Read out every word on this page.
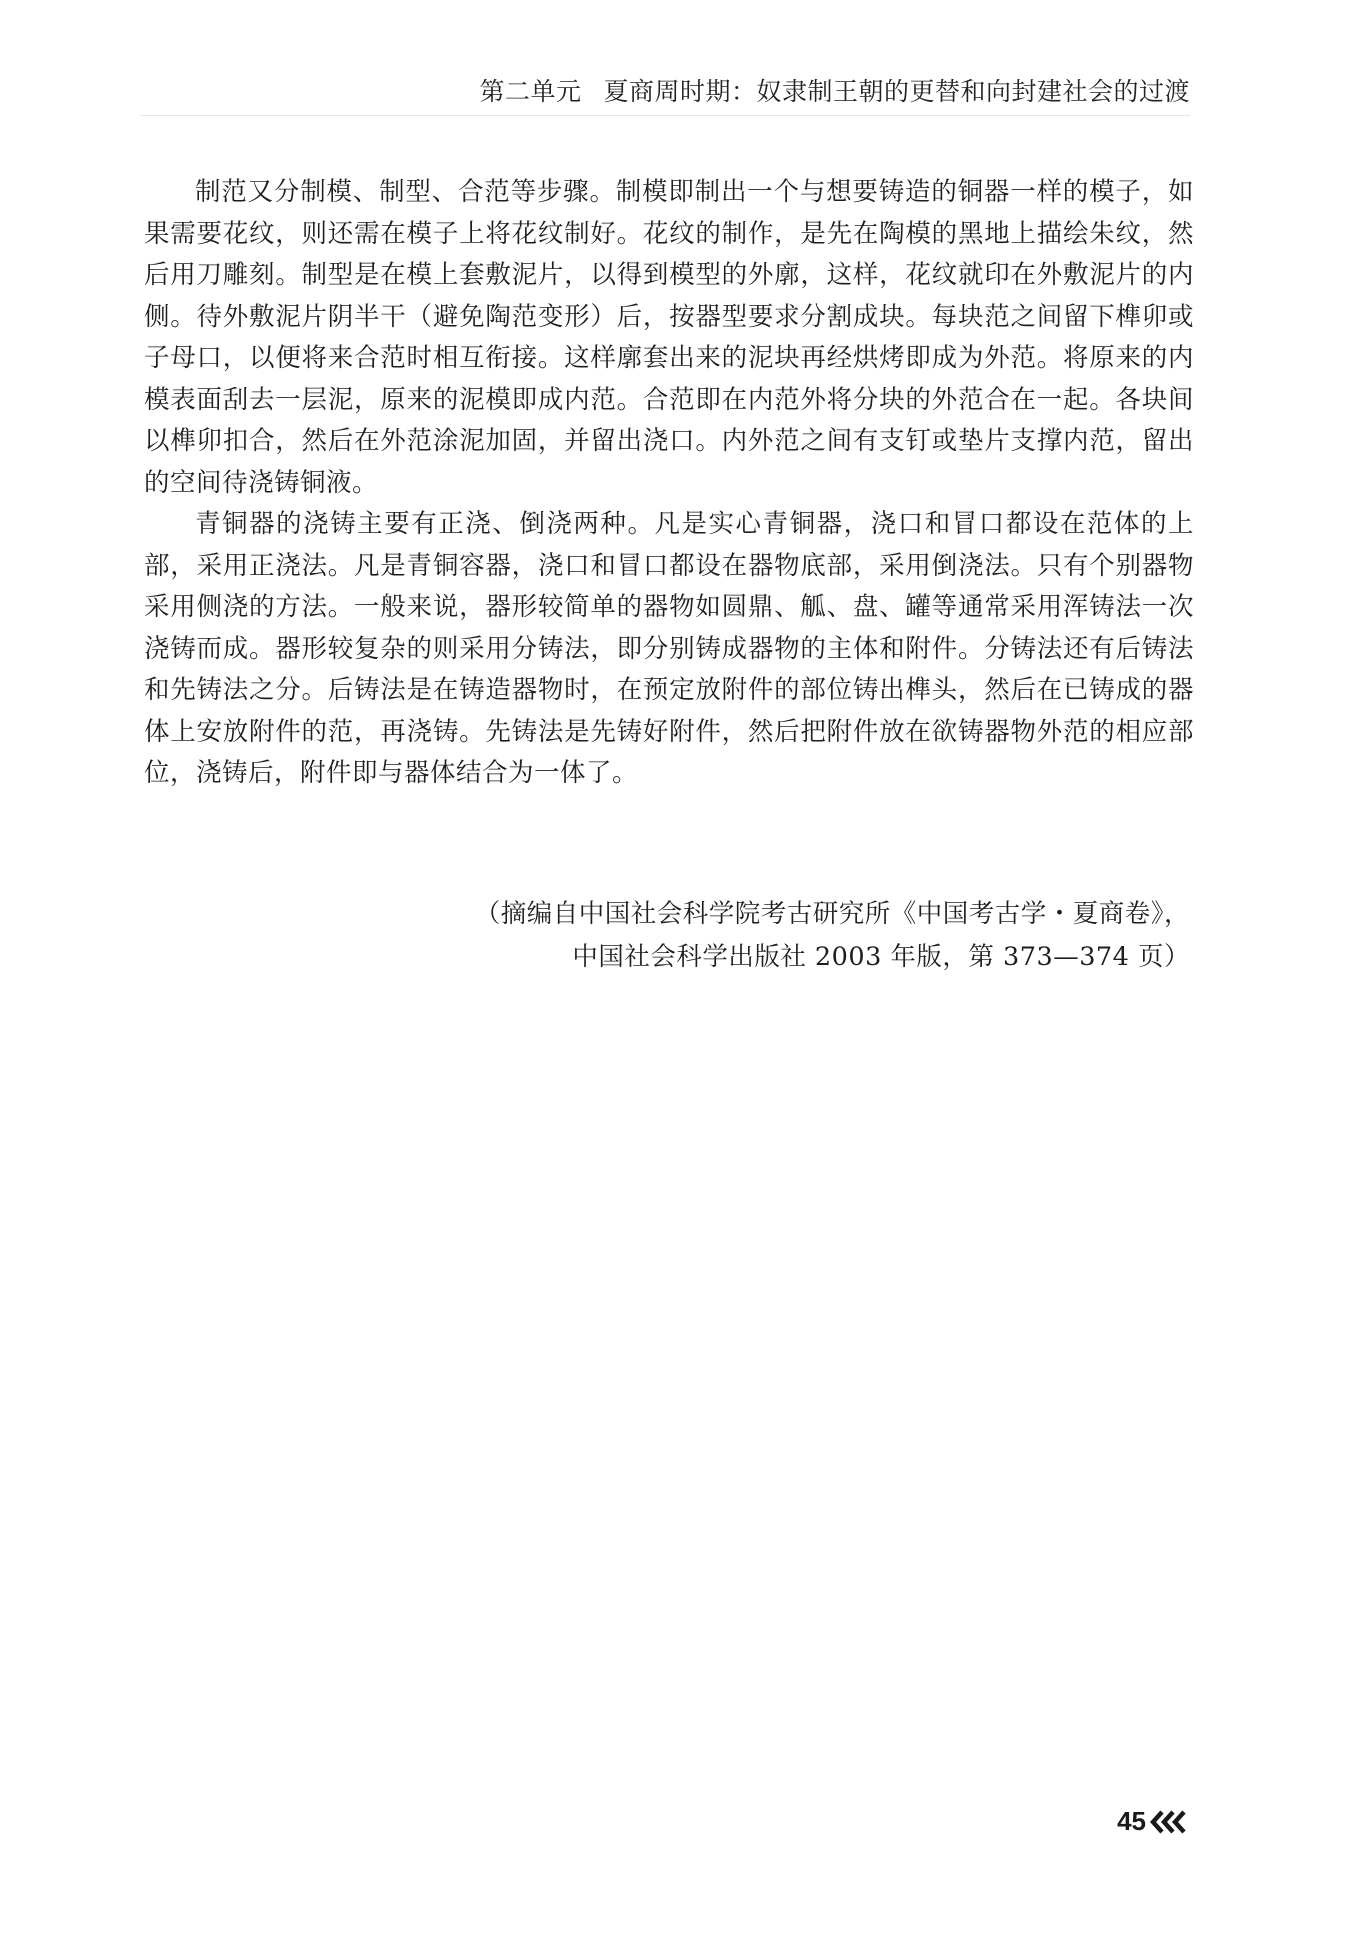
第二单元 夏商周时期：奴隶制王朝的更替和向封建社会的过渡

制范又分制模、制型、合范等步骤。制模即制出一个与想要铸造的铜器一样的模子，如果需要花纹，则还需在模子上将花纹制好。花纹的制作，是先在陶模的黑地上描绘朱纹，然后用刀雕刻。制型是在模上套敷泥片，以得到模型的外廓，这样，花纹就印在外敷泥片的内侧。待外敷泥片阴半干（避免陶范变形）后，按器型要求分割成块。每块范之间留下榫卯或子母口，以便将来合范时相互衔接。这样廓套出来的泥块再经烘烤即成为外范。将原来的内模表面刮去一层泥，原来的泥模即成内范。合范即在内范外将分块的外范合在一起。各块间以榫卯扣合，然后在外范涂泥加固，并留出浇口。内外范之间有支钉或垫片支撑内范，留出的空间待浇铸铜液。

青铜器的浇铸主要有正浇、倒浇两种。凡是实心青铜器，浇口和冒口都设在范体的上部，采用正浇法。凡是青铜容器，浇口和冒口都设在器物底部，采用倒浇法。只有个别器物采用侧浇的方法。一般来说，器形较简单的器物如圆鼎、觚、盘、罐等通常采用浑铸法一次浇铸而成。器形较复杂的则采用分铸法，即分别铸成器物的主体和附件。分铸法还有后铸法和先铸法之分。后铸法是在铸造器物时，在预定放附件的部位铸出榫头，然后在已铸成的器体上安放附件的范，再浇铸。先铸法是先铸好附件，然后把附件放在欲铸器物外范的相应部位，浇铸后，附件即与器体结合为一体了。

（摘编自中国社会科学院考古研究所《中国考古学・夏商卷》，
中国社会科学出版社 2003 年版，第 373—374 页）
45
